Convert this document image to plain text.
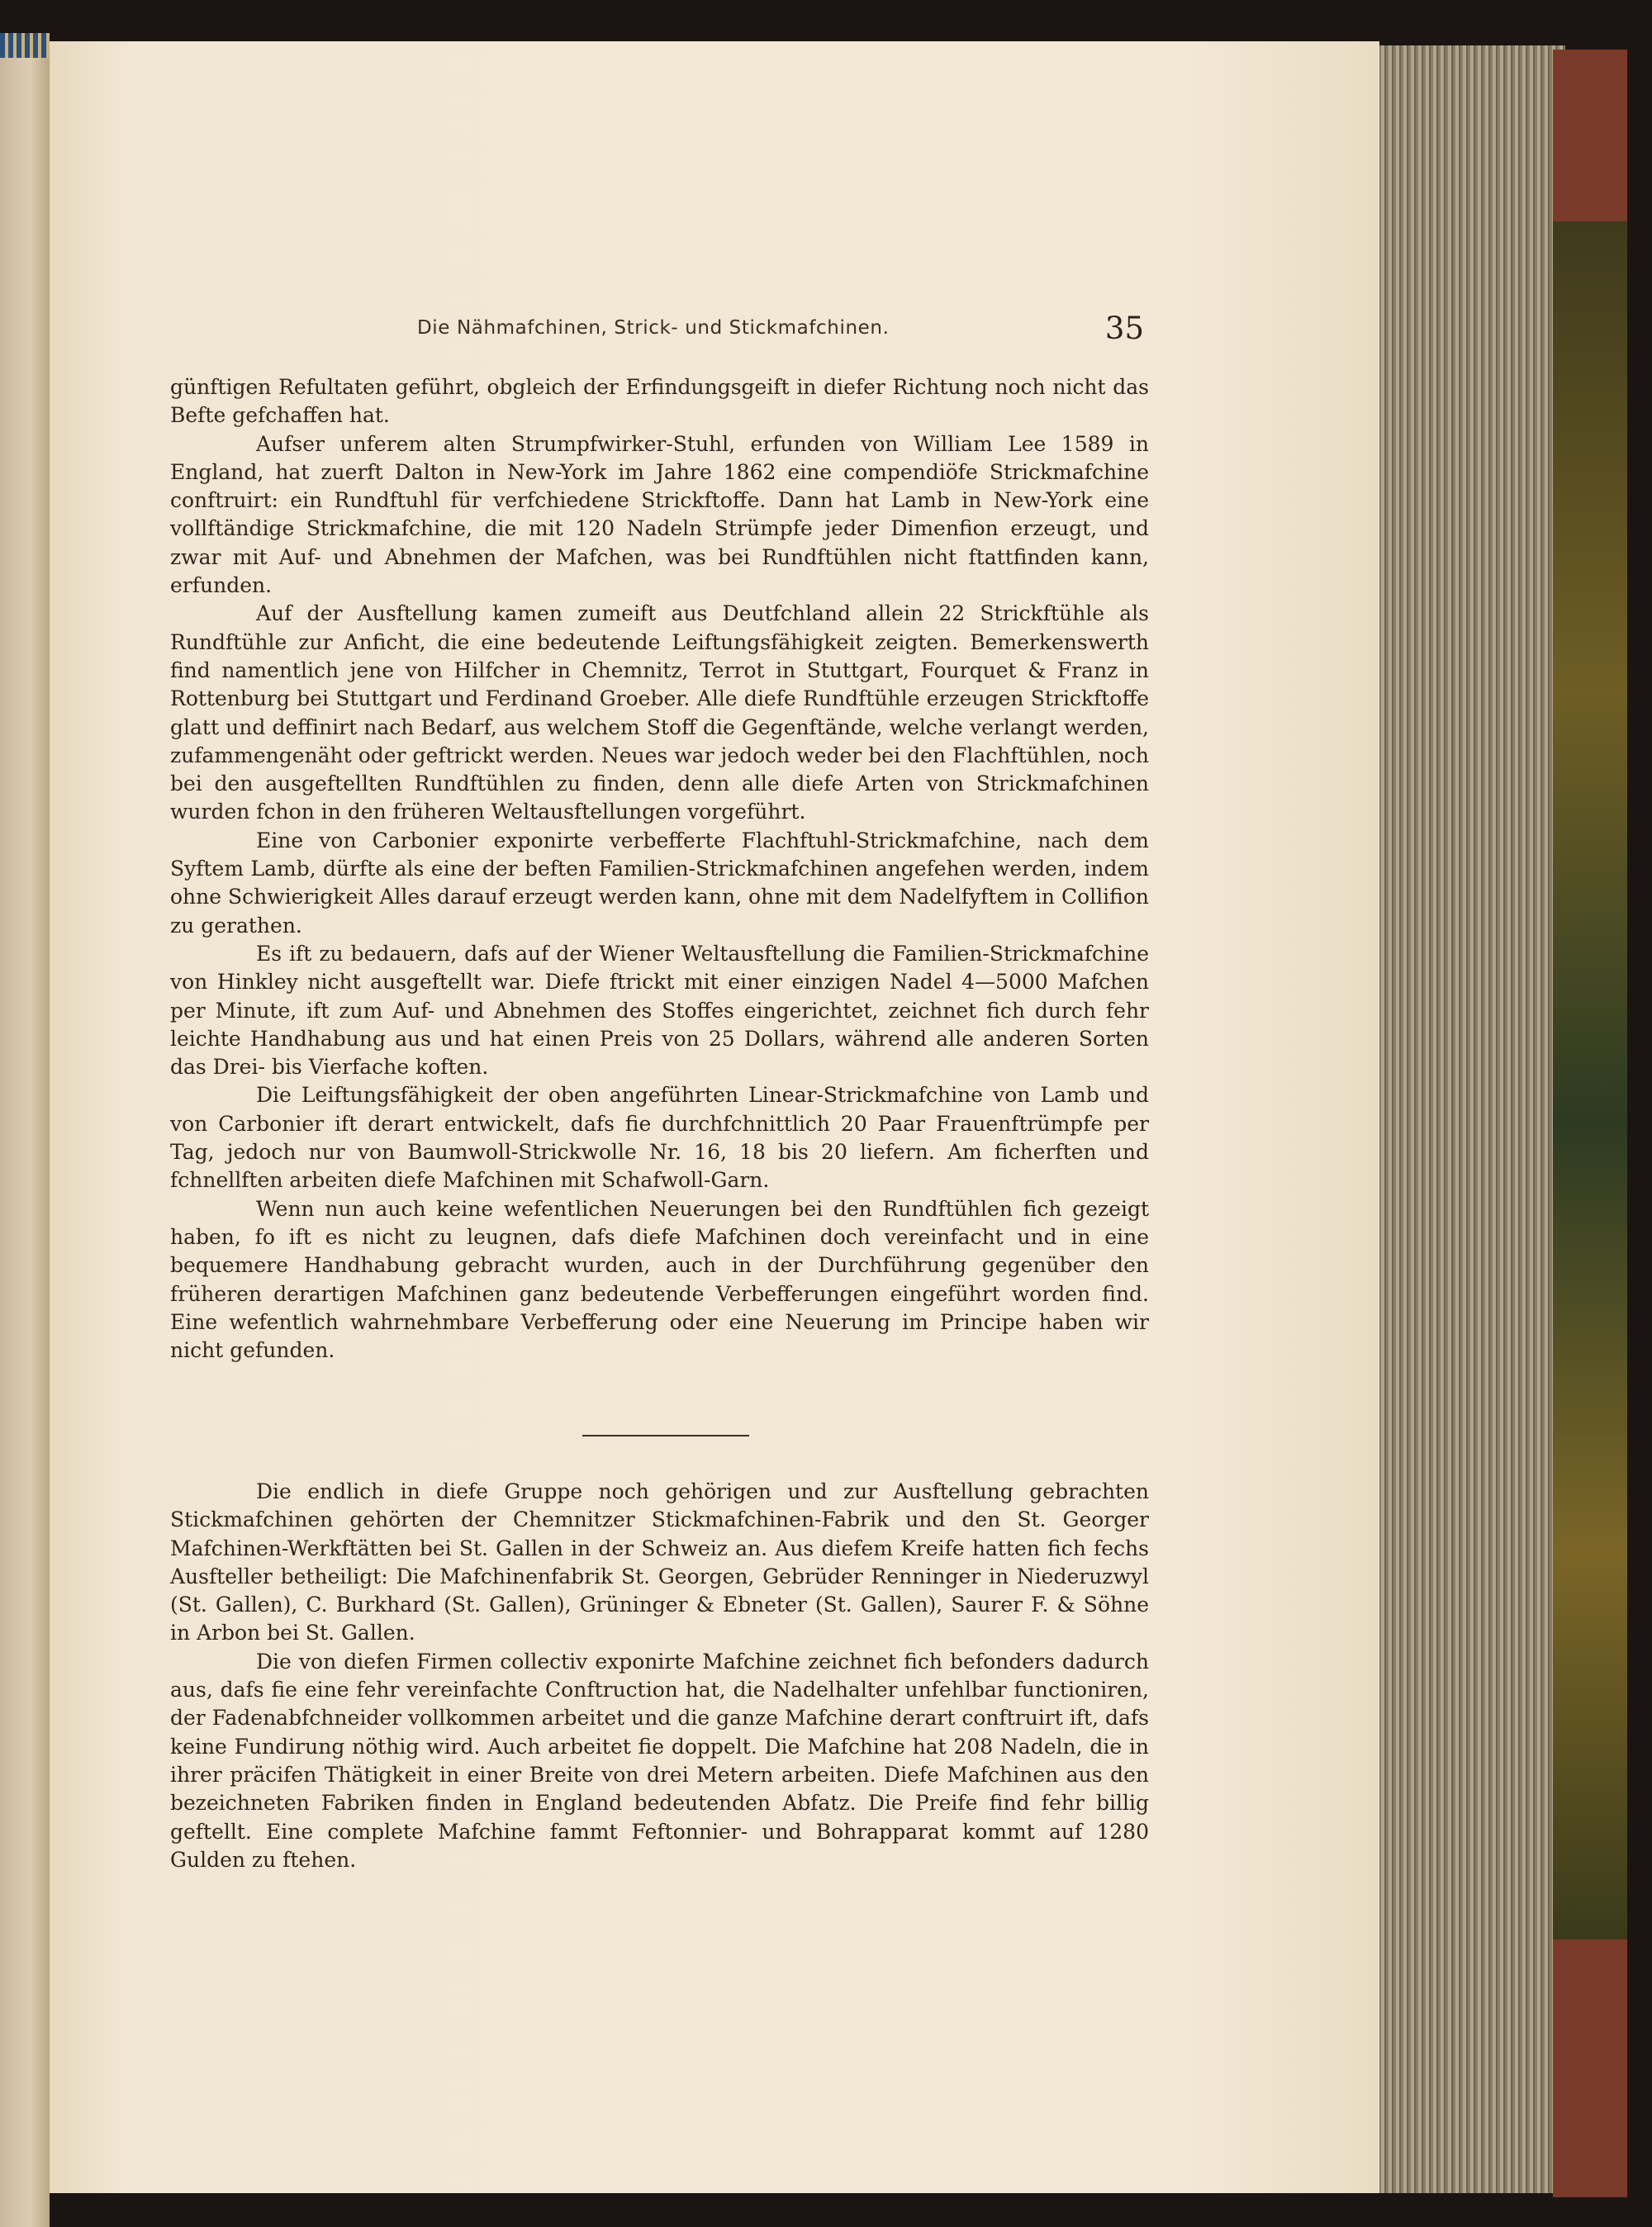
Die Nähmafchinen, Strick- und Stickmafchinen.	35

günftigen Refultaten geführt, obgleich der Erfindungsgeift in diefer Richtung noch nicht das Befte gefchaffen hat.

Aufser unferem alten Strumpfwirker-Stuhl, erfunden von William Lee 1589 in England, hat zuerft Dalton in New-York im Jahre 1862 eine compendiöfe Strickmafchine conftruirt: ein Rundftuhl für verfchiedene Strickftoffe. Dann hat Lamb in New-York eine vollftändige Strickmafchine, die mit 120 Nadeln Strümpfe jeder Dimenfion erzeugt, und zwar mit Auf- und Abnehmen der Mafchen, was bei Rundftühlen nicht ftattfinden kann, erfunden.

Auf der Ausftellung kamen zumeift aus Deutfchland allein 22 Strickftühle als Rundftühle zur Anficht, die eine bedeutende Leiftungsfähigkeit zeigten. Bemerkenswerth find namentlich jene von Hilfcher in Chemnitz, Terrot in Stuttgart, Fourquet & Franz in Rottenburg bei Stuttgart und Ferdinand Groeber. Alle diefe Rundftühle erzeugen Strickftoffe glatt und deffinirt nach Bedarf, aus welchem Stoff die Gegenftände, welche verlangt werden, zufammengenäht oder geftrickt werden. Neues war jedoch weder bei den Flachftühlen, noch bei den ausgeftellten Rundftühlen zu finden, denn alle diefe Arten von Strickmafchinen wurden fchon in den früheren Weltausftellungen vorgeführt.

Eine von Carbonier exponirte verbefferte Flachftuhl-Strickmafchine, nach dem Syftem Lamb, dürfte als eine der beften Familien-Strickmafchinen angefehen werden, indem ohne Schwierigkeit Alles darauf erzeugt werden kann, ohne mit dem Nadelfyftem in Collifion zu gerathen.

Es ift zu bedauern, dafs auf der Wiener Weltausftellung die Familien-Strickmafchine von Hinkley nicht ausgeftellt war. Diefe ftrickt mit einer einzigen Nadel 4—5000 Mafchen per Minute, ift zum Auf- und Abnehmen des Stoffes eingerichtet, zeichnet fich durch fehr leichte Handhabung aus und hat einen Preis von 25 Dollars, während alle anderen Sorten das Drei- bis Vierfache koften.

Die Leiftungsfähigkeit der oben angeführten Linear-Strickmafchine von Lamb und von Carbonier ift derart entwickelt, dafs fie durchfchnittlich 20 Paar Frauenftrümpfe per Tag, jedoch nur von Baumwoll-Strickwolle Nr. 16, 18 bis 20 liefern. Am ficherften und fchnellften arbeiten diefe Mafchinen mit Schafwoll-Garn.

Wenn nun auch keine wefentlichen Neuerungen bei den Rundftühlen fich gezeigt haben, fo ift es nicht zu leugnen, dafs diefe Mafchinen doch vereinfacht und in eine bequemere Handhabung gebracht wurden, auch in der Durchführung gegenüber den früheren derartigen Mafchinen ganz bedeutende Verbefferungen eingeführt worden find. Eine wefentlich wahrnehmbare Verbefferung oder eine Neuerung im Principe haben wir nicht gefunden.

Die endlich in diefe Gruppe noch gehörigen und zur Ausftellung gebrachten Stickmafchinen gehörten der Chemnitzer Stickmafchinen-Fabrik und den St. Georger Mafchinen-Werkftätten bei St. Gallen in der Schweiz an. Aus diefem Kreife hatten fich fechs Ausfteller betheiligt: Die Mafchinenfabrik St. Georgen, Gebrüder Renninger in Niederuzwyl (St. Gallen), C. Burkhard (St. Gallen), Grüninger & Ebneter (St. Gallen), Saurer F. & Söhne in Arbon bei St. Gallen.

Die von diefen Firmen collectiv exponirte Mafchine zeichnet fich befonders dadurch aus, dafs fie eine fehr vereinfachte Conftruction hat, die Nadelhalter unfehlbar functioniren, der Fadenabfchneider vollkommen arbeitet und die ganze Mafchine derart conftruirt ift, dafs keine Fundirung nöthig wird. Auch arbeitet fie doppelt. Die Mafchine hat 208 Nadeln, die in ihrer präcifen Thätigkeit in einer Breite von drei Metern arbeiten. Diefe Mafchinen aus den bezeichneten Fabriken finden in England bedeutenden Abfatz. Die Preife find fehr billig geftellt. Eine complete Mafchine fammt Feftonnier- und Bohrapparat kommt auf 1280 Gulden zu ftehen.
